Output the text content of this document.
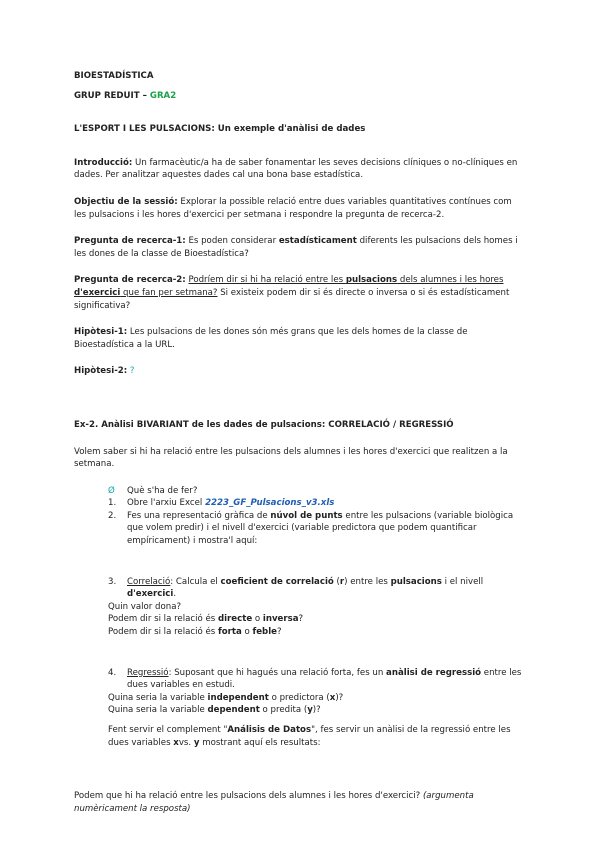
BIOESTADÍSTICA

GRUP REDUIT – GRA2

L'ESPORT I LES PULSACIONS: Un exemple d'anàlisi de dades

Introducció: Un farmacèutic/a ha de saber fonamentar les seves decisions clíniques o no-clíniques en dades. Per analitzar aquestes dades cal una bona base estadística.

Objectiu de la sessió: Explorar la possible relació entre dues variables quantitatives contínues com les pulsacions i les hores d'exercici per setmana i respondre la pregunta de recerca-2.

Pregunta de recerca-1: Es poden considerar estadísticament diferents les pulsacions dels homes i les dones de la classe de Bioestadística?

Pregunta de recerca-2: Podríem dir si hi ha relació entre les pulsacions dels alumnes i les hores d'exercici que fan per setmana? Si existeix podem dir si és directe o inversa o si és estadísticament significativa?

Hipòtesi-1: Les pulsacions de les dones són més grans que les dels homes de la classe de Bioestadística a la URL.

Hipòtesi-2: ?

Ex-2. Anàlisi BIVARIANT de les dades de pulsacions: CORRELACIÓ / REGRESSIÓ

Volem saber si hi ha relació entre les pulsacions dels alumnes i les hores d'exercici que realitzen a la setmana.

Ø	Què s'ha de fer?
1.	Obre l'arxiu Excel 2223_GF_Pulsacions_v3.xls
2.	Fes una representació gràfica de núvol de punts entre les pulsacions (variable biològica que volem predir) i el nivell d'exercici (variable predictora que podem quantificar empíricament) i mostra'l aquí:
3.	Correlació: Calcula el coeficient de correlació (r) entre les pulsacions i el nivell d'exercici.

Quin valor dona?

Podem dir si la relació és directe o inversa?

Podem dir si la relació és forta o feble?

4.	Regressió: Suposant que hi hagués una relació forta, fes un anàlisi de regressió entre les dues variables en estudi.

Quina seria la variable independent o predictora (x)?

Quina seria la variable dependent o predita (y)?

Fent servir el complement "Análisis de Datos", fes servir un anàlisi de la regressió entre les dues variables xvs. y mostrant aquí els resultats:

Podem que hi ha relació entre les pulsacions dels alumnes i les hores d'exercici? (argumenta numèricament la resposta)
